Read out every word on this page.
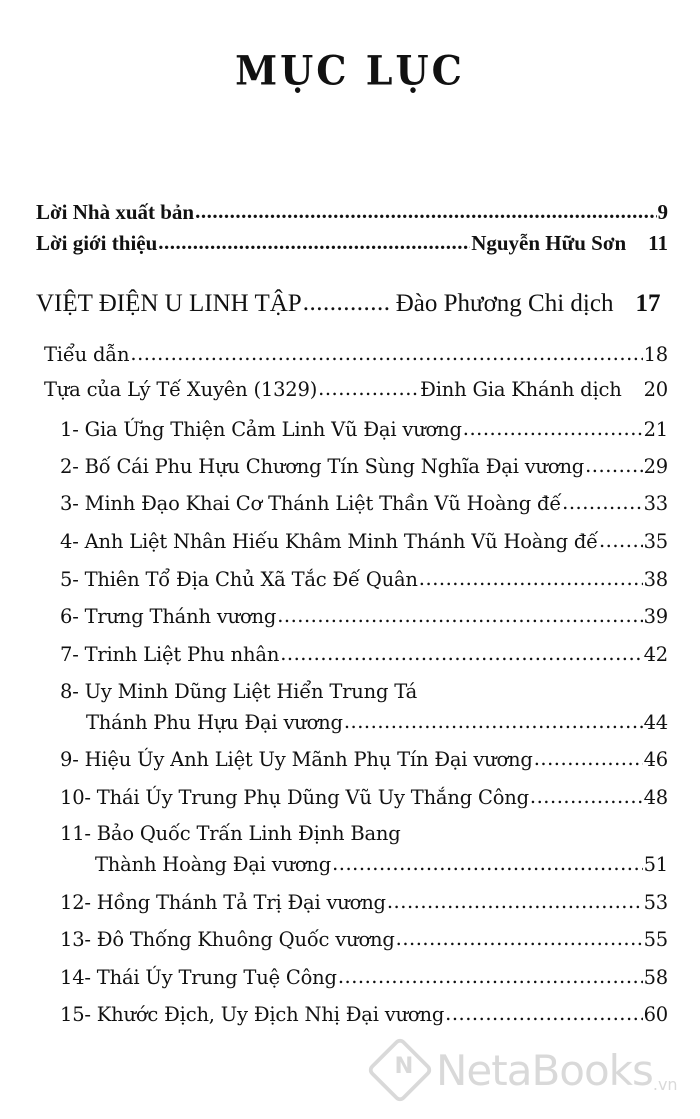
MỤC LỤC
Lời Nhà xuất bản .....	9
Lời giới thiệu .....	Nguyễn Hữu Sơn 11
VIỆT ĐIỆN U LINH TẬP .....	Đào Phương Chi dịch 17
Tiểu dẫn .....	18
Tựa của Lý Tế Xuyên (1329) .....	Đinh Gia Khánh dịch 20
1- Gia Ứng Thiện Cảm Linh Vũ Đại vương .....	21
2- Bố Cái Phu Hựu Chương Tín Sùng Nghĩa Đại vương .....	29
3- Minh Đạo Khai Cơ Thánh Liệt Thần Vũ Hoàng đế .....	33
4- Anh Liệt Nhân Hiếu Khâm Minh Thánh Vũ Hoàng đế ..... 35
5- Thiên Tổ Địa Chủ Xã Tắc Đế Quân .....	38
6- Trưng Thánh vương .....	39
7- Trinh Liệt Phu nhân .....	42
8- Uy Minh Dũng Liệt Hiển Trung Tá
Thánh Phu Hựu Đại vương .....	44
9- Hiệu Úy Anh Liệt Uy Mãnh Phụ Tín Đại vương .....	46
10- Thái Úy Trung Phụ Dũng Vũ Uy Thắng Công .....	48
11- Bảo Quốc Trấn Linh Định Bang
Thành Hoàng Đại vương .....	51
12- Hồng Thánh Tả Trị Đại vương .....	53
13- Đô Thống Khuông Quốc vương .....	55
14- Thái Úy Trung Tuệ Công .....	58
15- Khước Địch, Uy Địch Nhị Đại vương .....	60
N NetaBooks .vn
